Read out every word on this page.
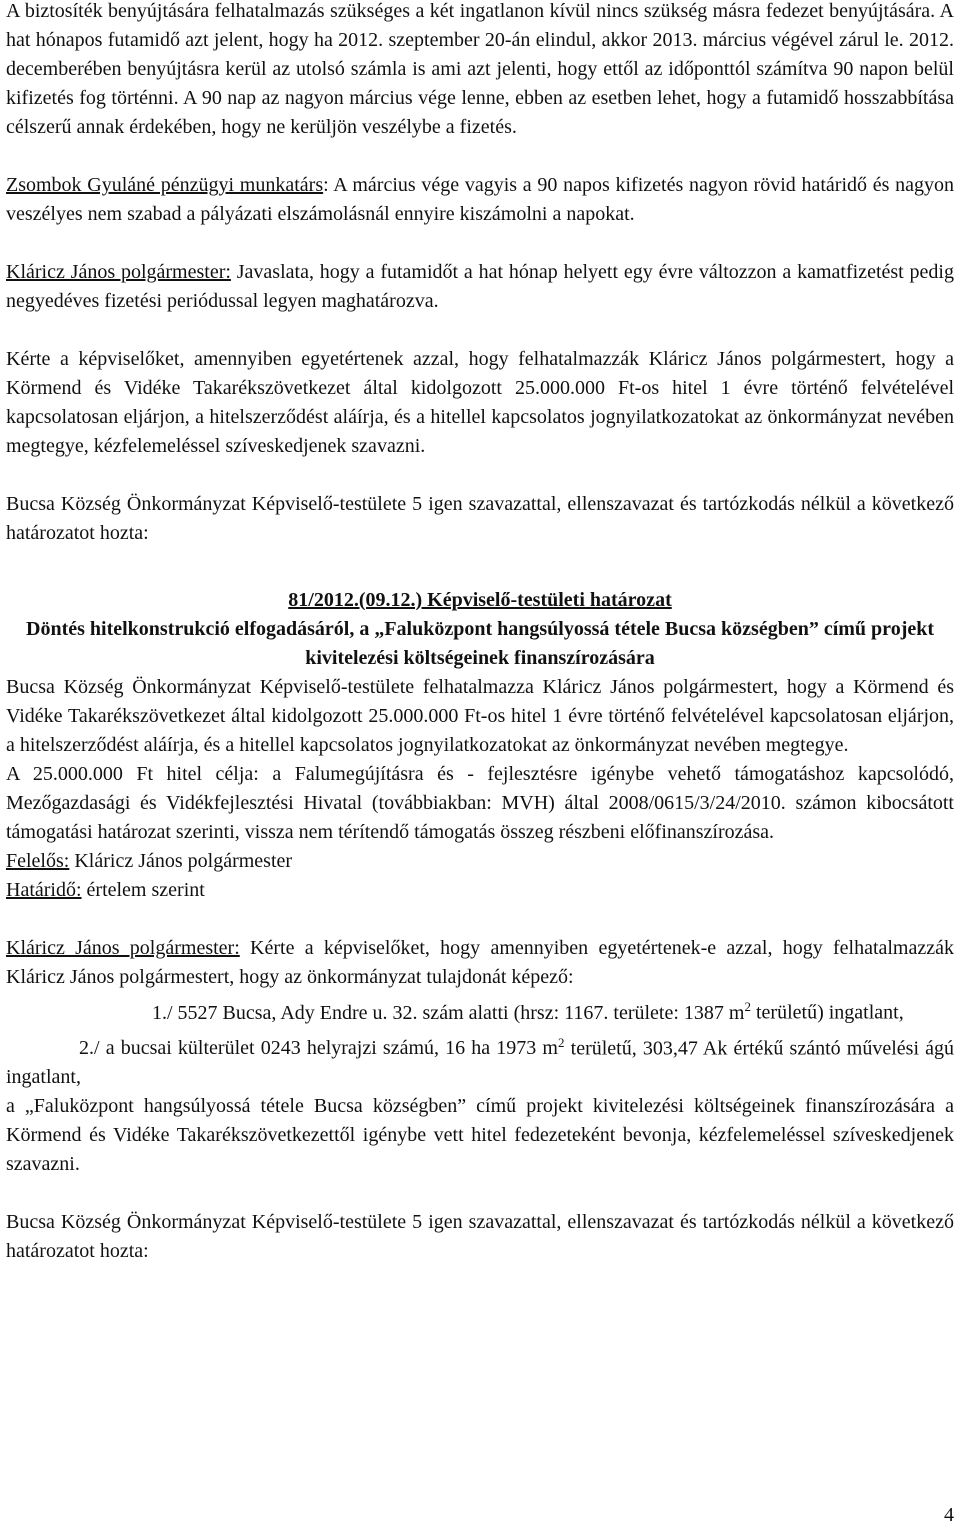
A biztosíték benyújtására felhatalmazás szükséges a két ingatlanon kívül nincs szükség másra fedezet benyújtására. A hat hónapos futamidő azt jelent, hogy ha 2012. szeptember 20-án elindul, akkor 2013. március végével zárul le. 2012. decemberében benyújtásra kerül az utolsó számla is ami azt jelenti, hogy ettől az időponttól számítva 90 napon belül kifizetés fog történni. A 90 nap az nagyon március vége lenne, ebben az esetben lehet, hogy a futamidő hosszabbítása célszerű annak érdekében, hogy ne kerüljön veszélybe a fizetés.

Zsombok Gyuláné pénzügyi munkatárs: A március vége vagyis a 90 napos kifizetés nagyon rövid határidő és nagyon veszélyes nem szabad a pályázati elszámolásnál ennyire kiszámolni a napokat.

Kláricz János polgármester: Javaslata, hogy a futamidőt a hat hónap helyett egy évre változzon a kamatfizetést pedig negyedéves fizetési periódussal legyen maghatározva.

Kérte a képviselőket, amennyiben egyetértenek azzal, hogy felhatalmazzák Kláricz János polgármestert, hogy a Körmend és Vidéke Takarékszövetkezet által kidolgozott 25.000.000 Ft-os hitel 1 évre történő felvételével kapcsolatosan eljárjon, a hitelszerződést aláírja, és a hitellel kapcsolatos jognyilatkozatokat az önkormányzat nevében megtegye, kézfelemeléssel szíveskedjenek szavazni.

Bucsa Község Önkormányzat Képviselő-testülete 5 igen szavazattal, ellenszavazat és tartózkodás nélkül a következő határozatot hozta:

81/2012.(09.12.) Képviselő-testületi határozat

Döntés hitelkonstrukció elfogadásáról, a „Faluközpont hangsúlyossá tétele Bucsa községben” című projekt kivitelezési költségeinek finanszírozására

Bucsa Község Önkormányzat Képviselő-testülete felhatalmazza Kláricz János polgármestert, hogy a Körmend és Vidéke Takarékszövetkezet által kidolgozott 25.000.000 Ft-os hitel 1 évre történő felvételével kapcsolatosan eljárjon, a hitelszerződést aláírja, és a hitellel kapcsolatos jognyilatkozatokat az önkormányzat nevében megtegye.

A 25.000.000 Ft hitel célja: a Falumegújításra és - fejlesztésre igénybe vehető támogatáshoz kapcsolódó, Mezőgazdasági és Vidékfejlesztési Hivatal (továbbiakban: MVH) által 2008/0615/3/24/2010. számon kibocsátott támogatási határozat szerinti, vissza nem térítendő támogatás összeg részbeni előfinanszírozása.

Felelős: Kláricz János polgármester

Határidő: értelem szerint

Kláricz János polgármester: Kérte a képviselőket, hogy amennyiben egyetértenek-e azzal, hogy felhatalmazzák Kláricz János polgármestert, hogy az önkormányzat tulajdonát képező:

1./ 5527 Bucsa, Ady Endre u. 32. szám alatti (hrsz: 1167. területe: 1387 $m^2$ területű) ingatlant,

2./ a bucsai külterület 0243 helyrajzi számú, 16 ha 1973 $m^2$ területű, 303,47 Ak értékű szántó művelési ágú ingatlant,

a „Faluközpont hangsúlyossá tétele Bucsa községben” című projekt kivitelezési költségeinek finanszírozására a Körmend és Vidéke Takarékszövetkezettől igénybe vett hitel fedezeteként bevonja, kézfelemeléssel szíveskedjenek szavazni.

Bucsa Község Önkormányzat Képviselő-testülete 5 igen szavazattal, ellenszavazat és tartózkodás nélkül a következő határozatot hozta:

4
